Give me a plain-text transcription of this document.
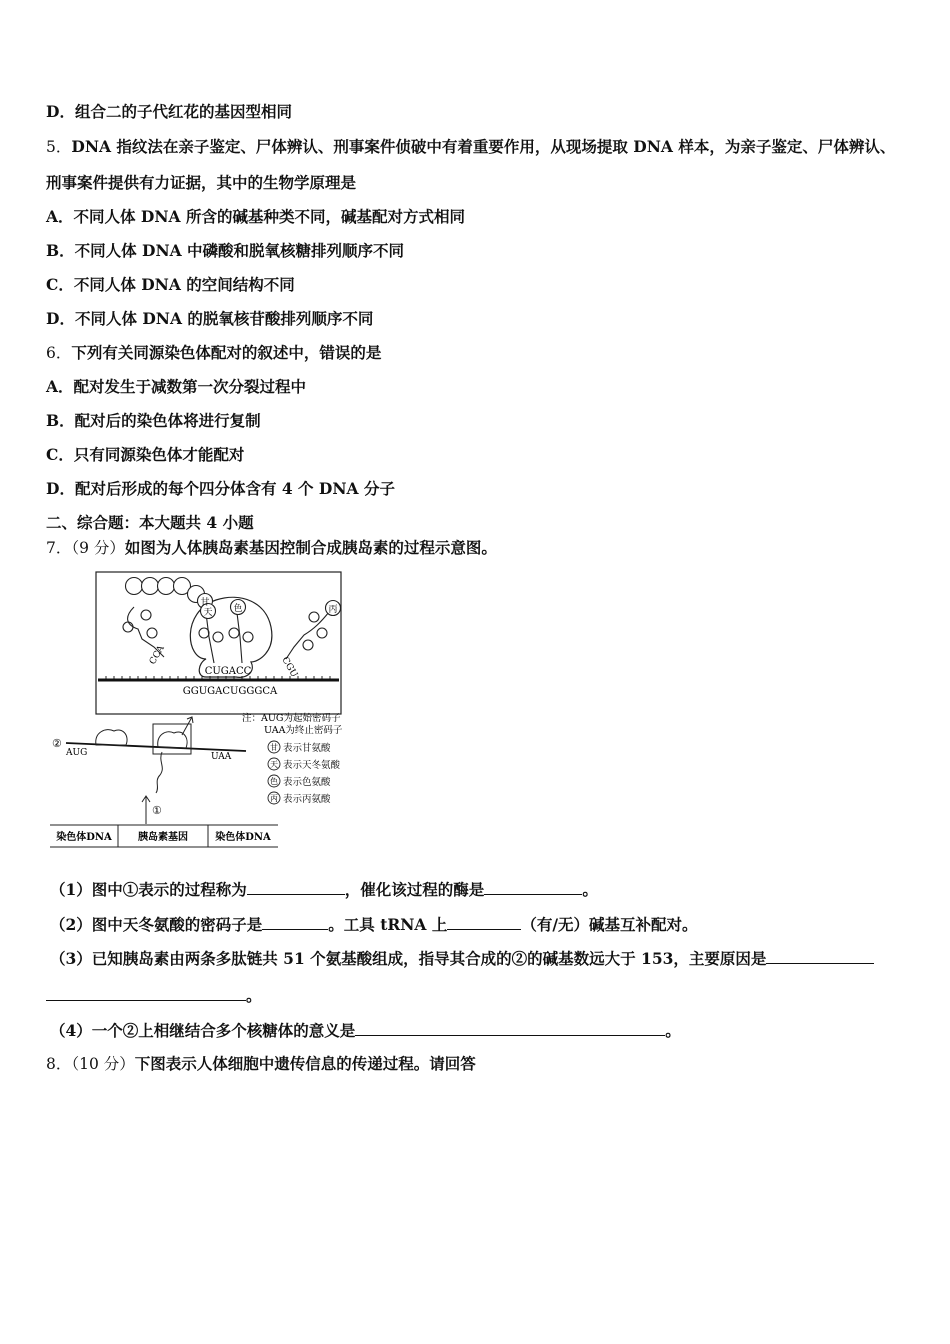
D．组合二的子代红花的基因型相同
5．DNA 指纹法在亲子鉴定、尸体辨认、刑事案件侦破中有着重要作用，从现场提取 DNA 样本，为亲子鉴定、尸体辨认、
刑事案件提供有力证据，其中的生物学原理是
A．不同人体 DNA 所含的碱基种类不同，碱基配对方式相同
B．不同人体 DNA 中磷酸和脱氧核糖排列顺序不同
C．不同人体 DNA 的空间结构不同
D．不同人体 DNA 的脱氧核苷酸排列顺序不同
6．下列有关同源染色体配对的叙述中，错误的是
A．配对发生于减数第一次分裂过程中
B．配对后的染色体将进行复制
C．只有同源染色体才能配对
D．配对后形成的每个四分体含有 4 个 DNA 分子
二、综合题：本大题共 4 小题
7．（9 分）如图为人体胰岛素基因控制合成胰岛素的过程示意图。
甘
天 色	丙
CCA
CGU
CUGACC
GGUGACUGGGCA
②
AUG	UAA
注：AUG为起始密码子
UAA为终止密码子
甘
天
色
丙
表示甘氨酸
表示天冬氨酸
表示色氨酸
表示丙氨酸
①
染色体DNA	胰岛素基因	染色体DNA
（1）图中①表示的过程称为	，催化该过程的酶是	。
（2）图中天冬氨酸的密码子是	。工具 tRNA 上	（有/无）碱基互补配对。
（3）已知胰岛素由两条多肽链共 51 个氨基酸组成，指导其合成的②的碱基数远大于 153，主要原因是
。
（4）一个②上相继结合多个核糖体的意义是	。
8．（10 分）下图表示人体细胞中遗传信息的传递过程。请回答
